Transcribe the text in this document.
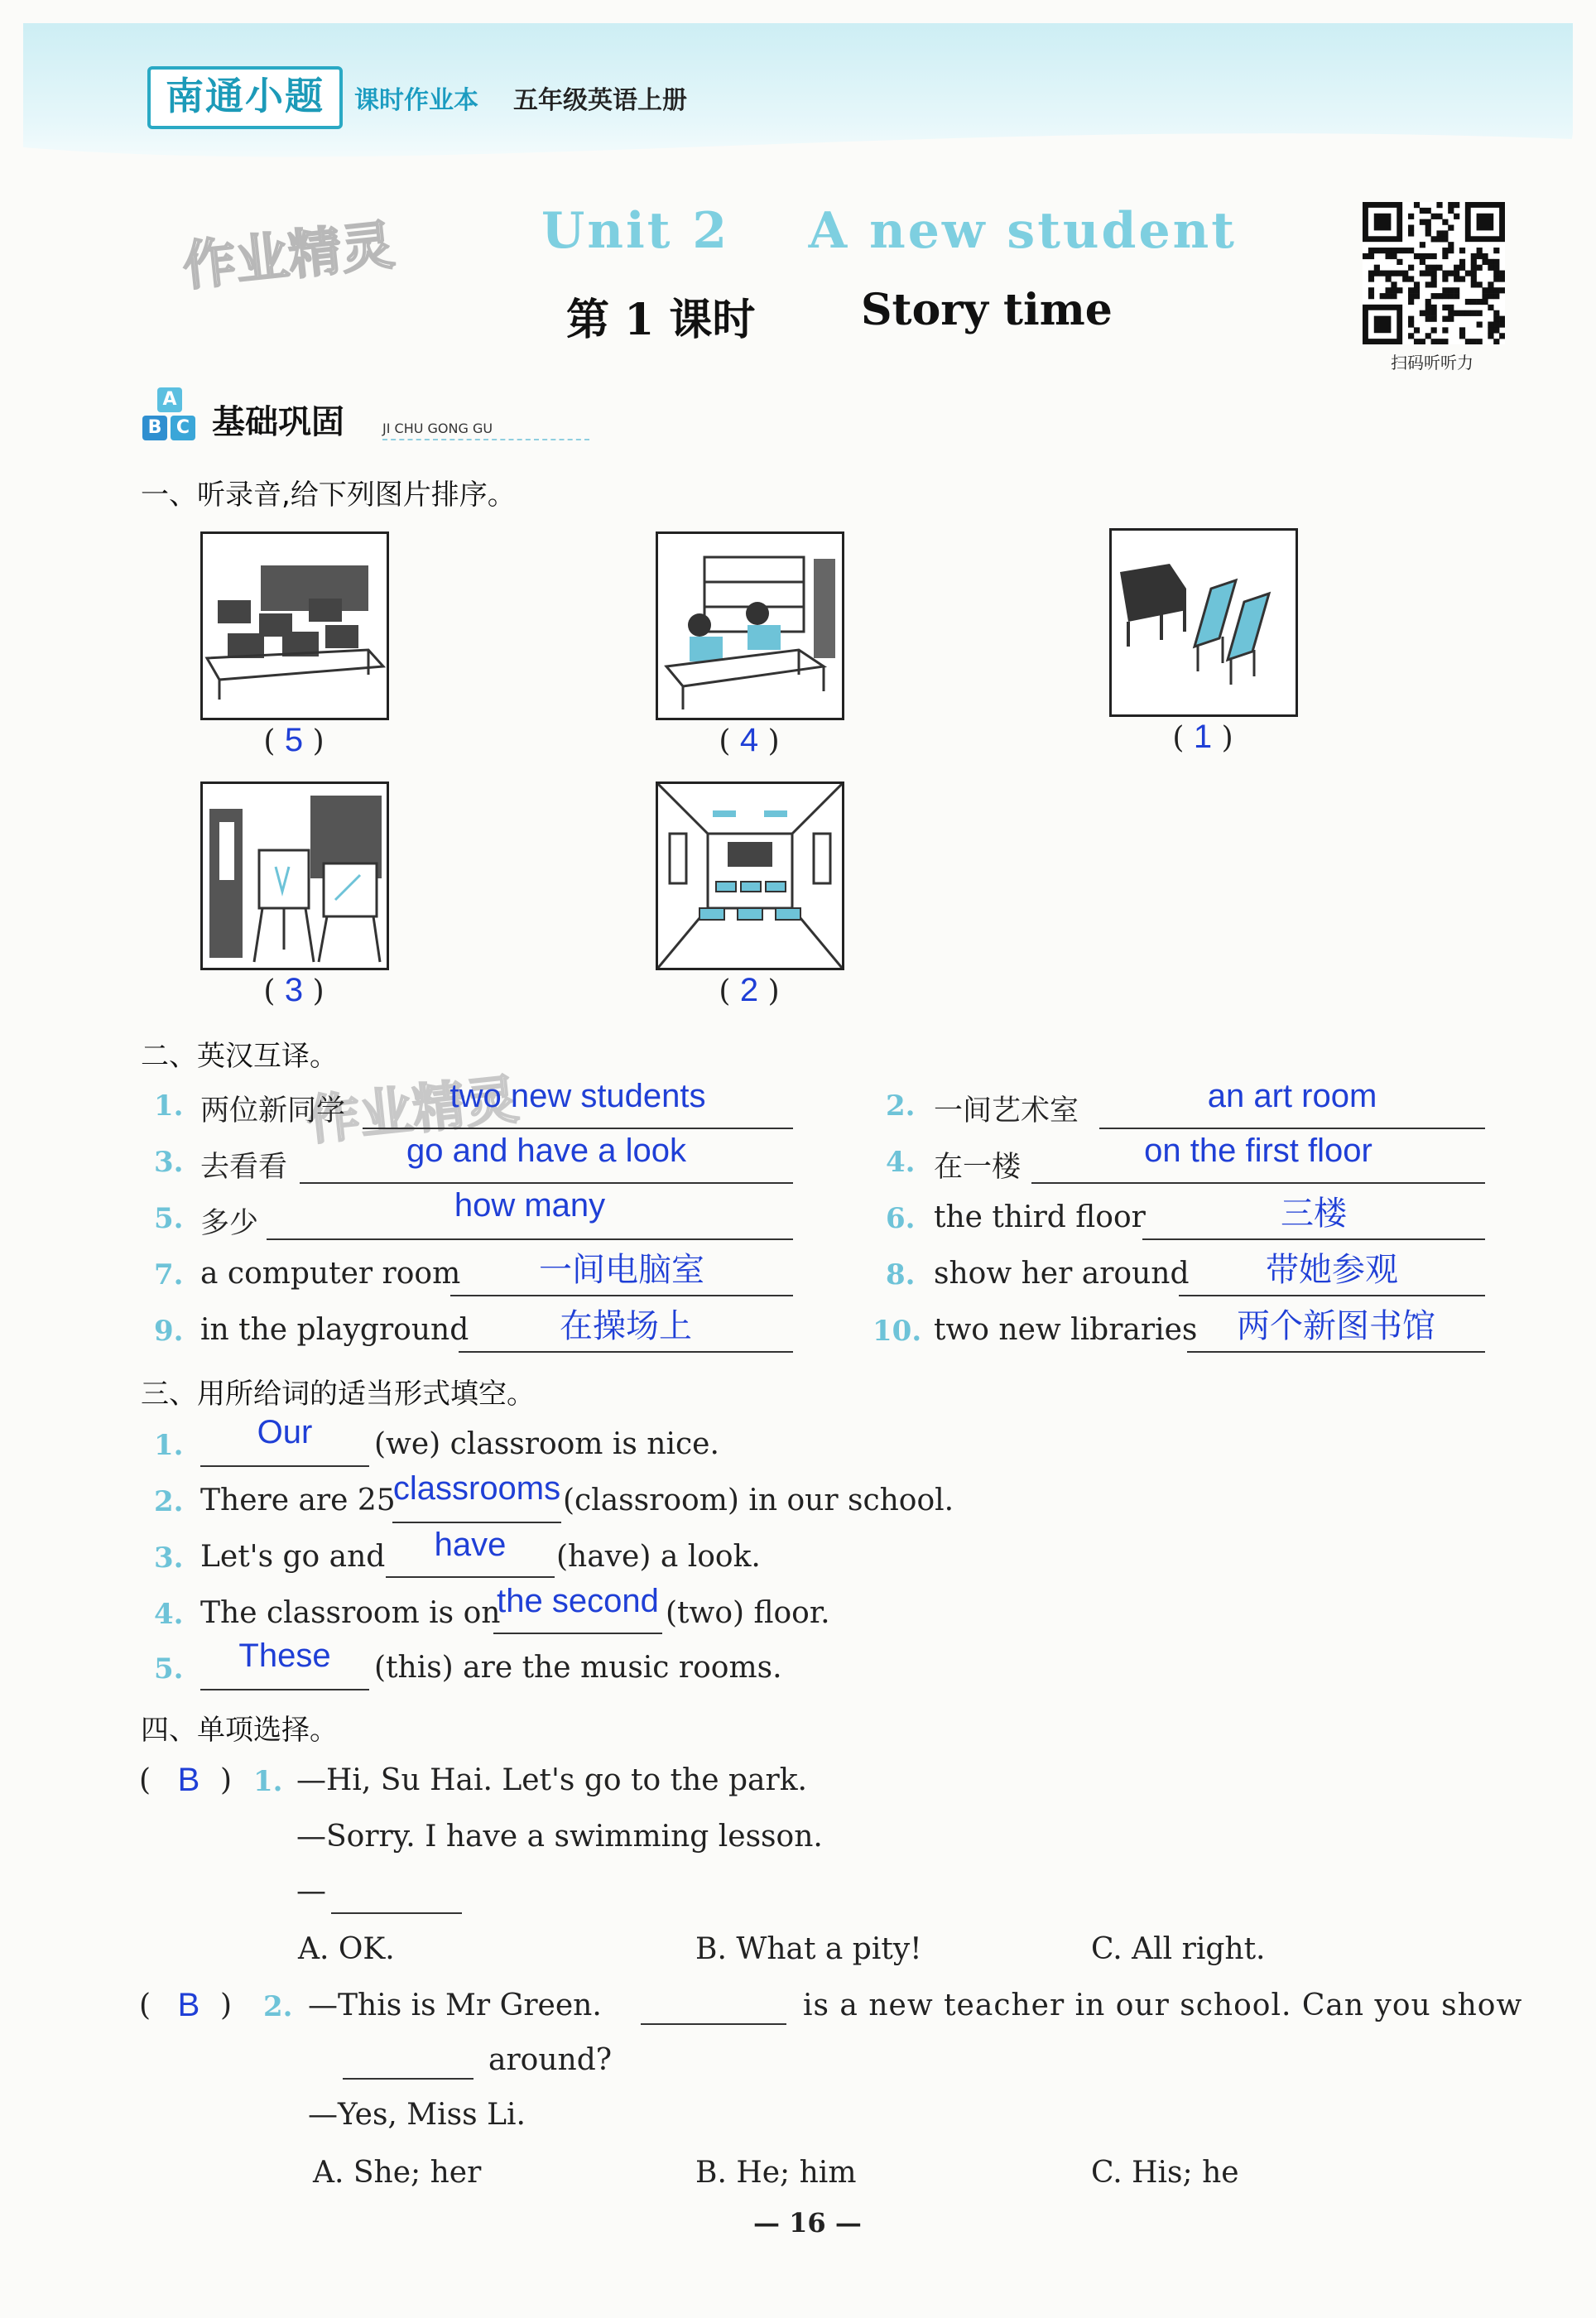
南通小题	课时作业本 五年级英语上册
作业精灵	Unit 2    A new student
第 1 课时 Story time
扫码听听力
A
B C 基础巩固	JI CHU GONG GU
一、听录音,给下列图片排序。
( 5 )	( 4 )	( 1 )
( 3 )	( 2 )
二、英汉互译。
作业精灵
1. 两位新同学	two new students
3. 去看看	go and have a look
5. 多少	how many
7. a computer room	一间电脑室
9. in the playground	在操场上
2. 一间艺术室	an art room
4. 在一楼	on the first floor
6. the third floor	三楼
8. show her around	带她参观
10. two new libraries	两个新图书馆
三、用所给词的适当形式填空。
1.	Our	(we) classroom is nice.
2. There are 25
classrooms (classroom) in our school.
3. Let's go and	have	(have) a look.
4. The classroom is on
the second (two) floor.
5.	These	(this) are the music rooms.
四、单项选择。
( B ) 1. —Hi, Su Hai. Let's go to the park.
—Sorry. I have a swimming lesson.
—
A. OK.	B. What a pity!	C. All right.
( B ) 2. —This is Mr Green.	is a new teacher in our school. Can you show
around?
—Yes, Miss Li.
A. She; her	B. He; him	C. His; he
— 16 —
